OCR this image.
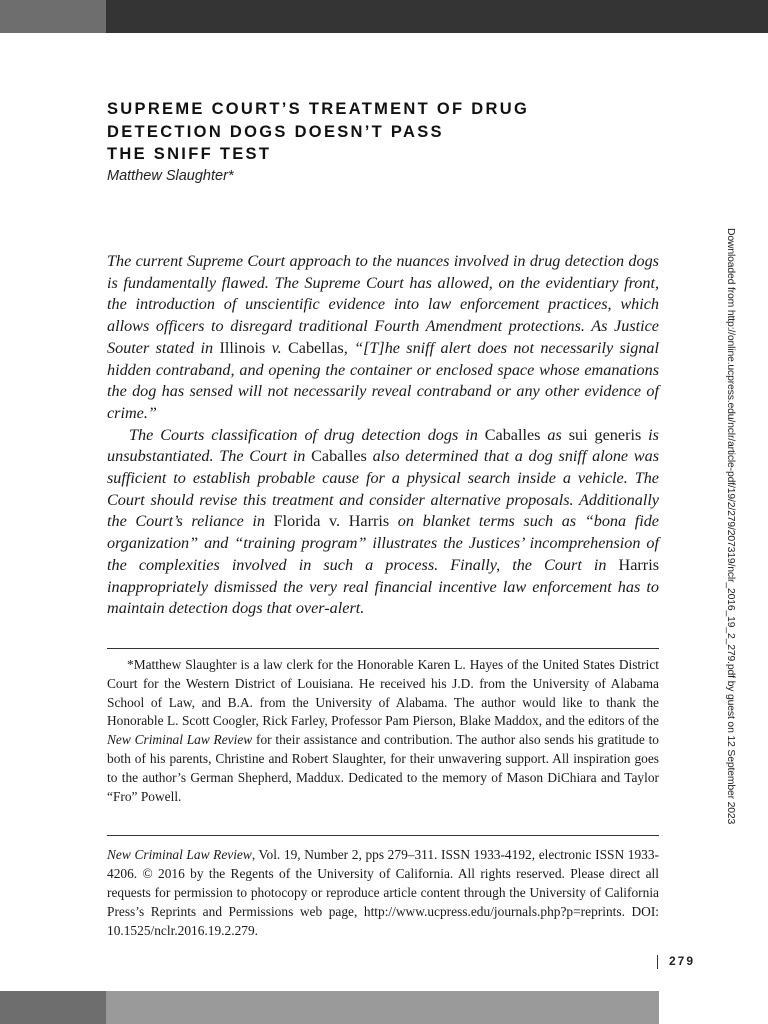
SUPREME COURT’S TREATMENT OF DRUG
DETECTION DOGS DOESN’T PASS
THE SNIFF TEST

Matthew Slaughter*

The current Supreme Court approach to the nuances involved in drug detection dogs is fundamentally flawed. The Supreme Court has allowed, on the evidentiary front, the introduction of unscientific evidence into law enforcement practices, which allows officers to disregard traditional Fourth Amendment protections. As Justice Souter stated in Illinois v. Cabellas, “[T]he sniff alert does not necessarily signal hidden contraband, and opening the container or enclosed space whose emanations the dog has sensed will not necessarily reveal contraband or any other evidence of crime.”

The Courts classification of drug detection dogs in Caballes as sui generis is unsubstantiated. The Court in Caballes also determined that a dog sniff alone was sufficient to establish probable cause for a physical search inside a vehicle. The Court should revise this treatment and consider alternative proposals. Additionally the Court’s reliance in Florida v. Harris on blanket terms such as “bona fide organization” and “training program” illustrates the Justices’ incomprehension of the complexities involved in such a process. Finally, the Court in Harris inappropriately dismissed the very real financial incentive law enforcement has to maintain detection dogs that over-alert.

*Matthew Slaughter is a law clerk for the Honorable Karen L. Hayes of the United States District Court for the Western District of Louisiana. He received his J.D. from the University of Alabama School of Law, and B.A. from the University of Alabama. The author would like to thank the Honorable L. Scott Coogler, Rick Farley, Professor Pam Pierson, Blake Maddox, and the editors of the New Criminal Law Review for their assistance and contribution. The author also sends his gratitude to both of his parents, Christine and Robert Slaughter, for their unwavering support. All inspiration goes to the author’s German Shepherd, Maddux. Dedicated to the memory of Mason DiChiara and Taylor “Fro” Powell.

New Criminal Law Review, Vol. 19, Number 2, pps 279–311. ISSN 1933-4192, electronic ISSN 1933-4206. © 2016 by the Regents of the University of California. All rights reserved. Please direct all requests for permission to photocopy or reproduce article content through the University of California Press’s Reprints and Permissions web page, http://www.ucpress.edu/journals.php?p=reprints. DOI: 10.1525/nclr.2016.19.2.279.

279

Downloaded from http://online.ucpress.edu/nclr/article-pdf/19/2/279/207319/nclr_2016_19_2_279.pdf by guest on 12 September 2023
